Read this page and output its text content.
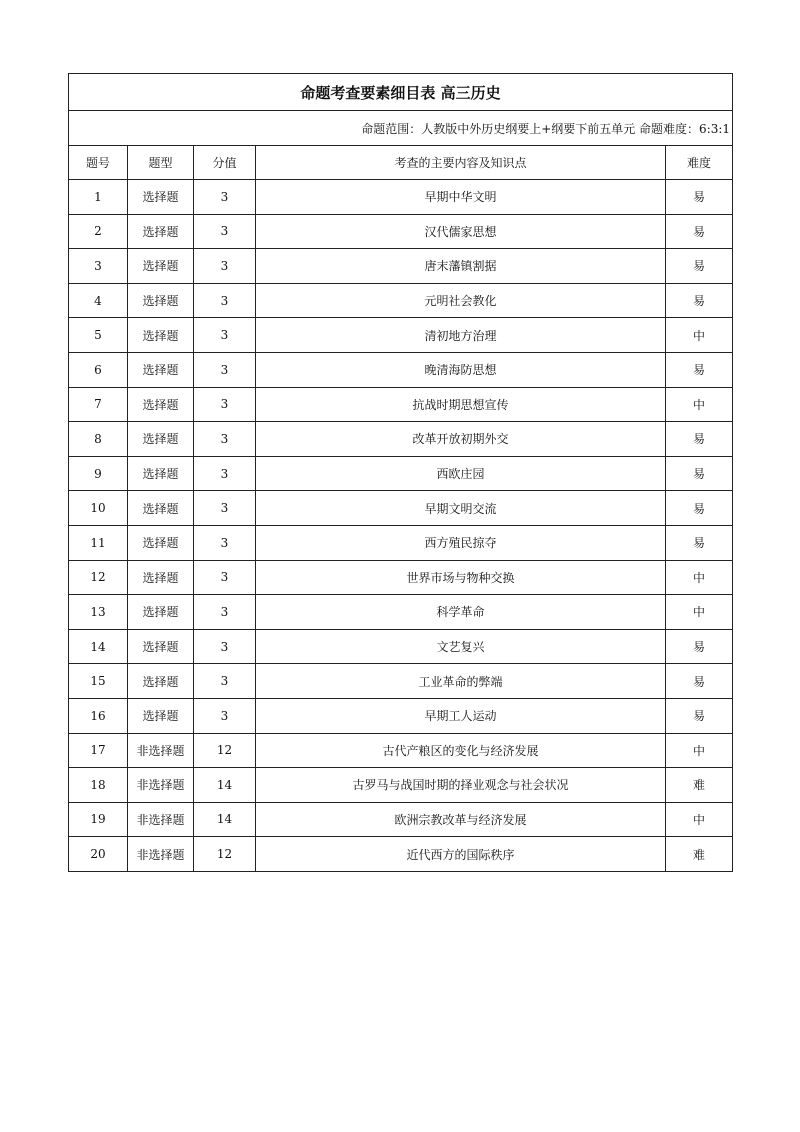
命题考查要素细目表 高三历史				
命题范围：人教版中外历史纲要上+纲要下前五单元 命题难度：6:3:1				
题号	题型	分值	考查的主要内容及知识点	难度
1	选择题	3	早期中华文明	易
2	选择题	3	汉代儒家思想	易
3	选择题	3	唐末藩镇割据	易
4	选择题	3	元明社会教化	易
5	选择题	3	清初地方治理	中
6	选择题	3	晚清海防思想	易
7	选择题	3	抗战时期思想宣传	中
8	选择题	3	改革开放初期外交	易
9	选择题	3	西欧庄园	易
10	选择题	3	早期文明交流	易
11	选择题	3	西方殖民掠夺	易
12	选择题	3	世界市场与物种交换	中
13	选择题	3	科学革命	中
14	选择题	3	文艺复兴	易
15	选择题	3	工业革命的弊端	易
16	选择题	3	早期工人运动	易
17	非选择题	12	古代产粮区的变化与经济发展	中
18	非选择题	14	古罗马与战国时期的择业观念与社会状况	难
19	非选择题	14	欧洲宗教改革与经济发展	中
20	非选择题	12	近代西方的国际秩序	难
